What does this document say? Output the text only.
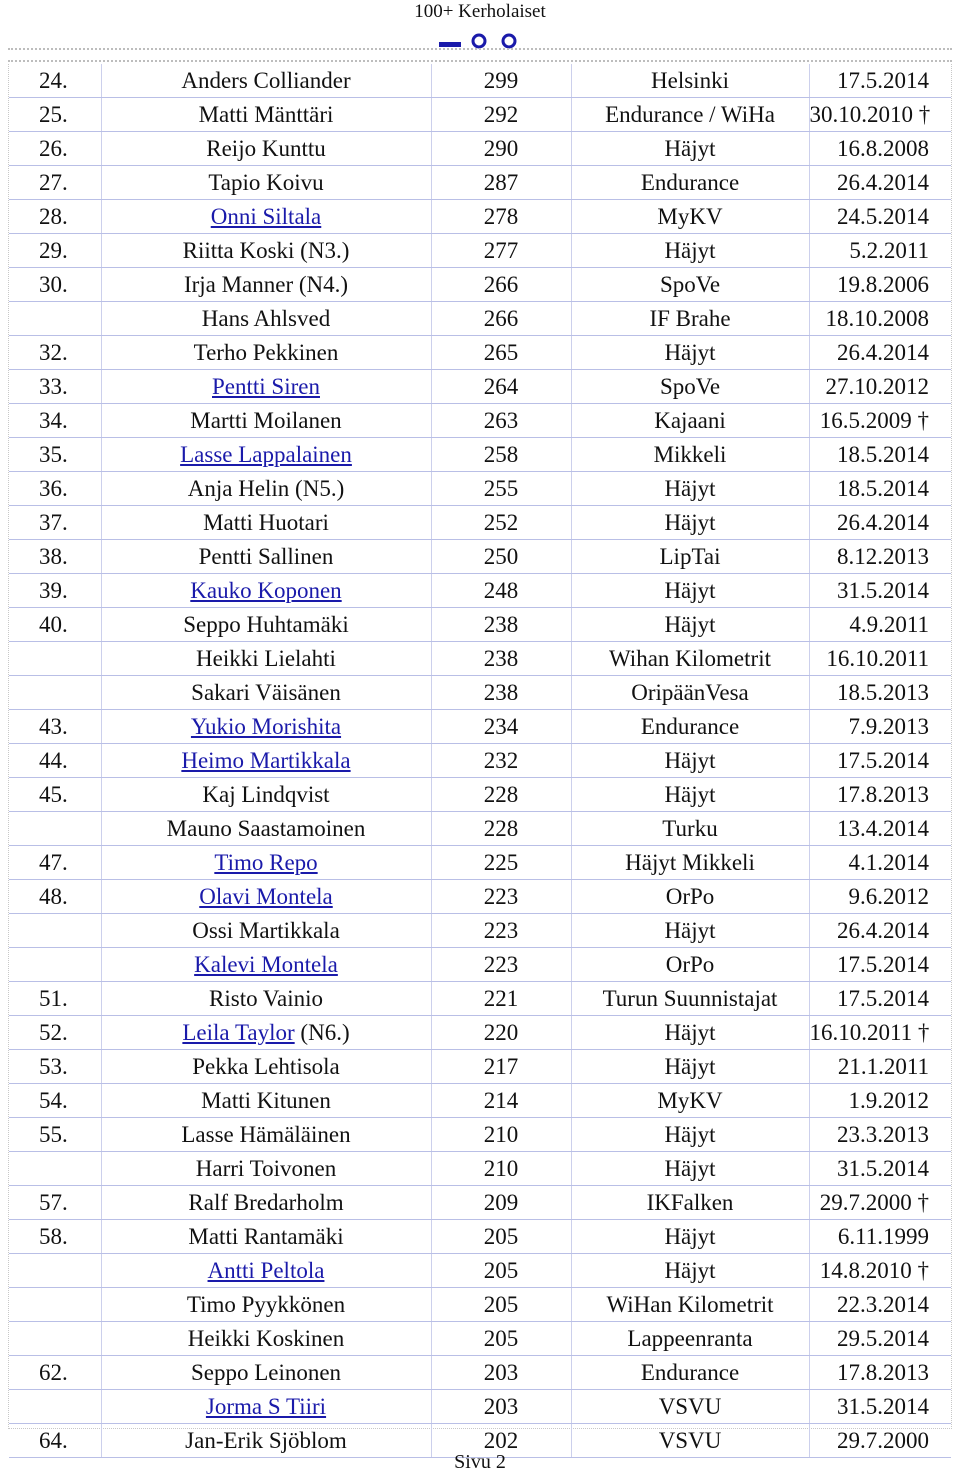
100+ Kerholaiset
24.	Anders Colliander	299	Helsinki	17.5.2014
25.	Matti Mänttäri	292	Endurance / WiHa	30.10.2010 †
26.	Reijo Kunttu	290	Häjyt	16.8.2008
27.	Tapio Koivu	287	Endurance	26.4.2014
28.	Onni Siltala	278	MyKV	24.5.2014
29.	Riitta Koski (N3.)	277	Häjyt	5.2.2011
30.	Irja Manner (N4.)	266	SpoVe	19.8.2006
	Hans Ahlsved	266	IF Brahe	18.10.2008
32.	Terho Pekkinen	265	Häjyt	26.4.2014
33.	Pentti Siren	264	SpoVe	27.10.2012
34.	Martti Moilanen	263	Kajaani	16.5.2009 †
35.	Lasse Lappalainen	258	Mikkeli	18.5.2014
36.	Anja Helin (N5.)	255	Häjyt	18.5.2014
37.	Matti Huotari	252	Häjyt	26.4.2014
38.	Pentti Sallinen	250	LipTai	8.12.2013
39.	Kauko Koponen	248	Häjyt	31.5.2014
40.	Seppo Huhtamäki	238	Häjyt	4.9.2011
	Heikki Lielahti	238	Wihan Kilometrit	16.10.2011
	Sakari Väisänen	238	OripäänVesa	18.5.2013
43.	Yukio Morishita	234	Endurance	7.9.2013
44.	Heimo Martikkala	232	Häjyt	17.5.2014
45.	Kaj Lindqvist	228	Häjyt	17.8.2013
	Mauno Saastamoinen	228	Turku	13.4.2014
47.	Timo Repo	225	Häjyt Mikkeli	4.1.2014
48.	Olavi Montela	223	OrPo	9.6.2012
	Ossi Martikkala	223	Häjyt	26.4.2014
	Kalevi Montela	223	OrPo	17.5.2014
51.	Risto Vainio	221	Turun Suunnistajat	17.5.2014
52.	Leila Taylor (N6.)	220	Häjyt	16.10.2011 †
53.	Pekka Lehtisola	217	Häjyt	21.1.2011
54.	Matti Kitunen	214	MyKV	1.9.2012
55.	Lasse Hämäläinen	210	Häjyt	23.3.2013
	Harri Toivonen	210	Häjyt	31.5.2014
57.	Ralf Bredarholm	209	IKFalken	29.7.2000 †
58.	Matti Rantamäki	205	Häjyt	6.11.1999
	Antti Peltola	205	Häjyt	14.8.2010 †
	Timo Pyykkönen	205	WiHan Kilometrit	22.3.2014
	Heikki Koskinen	205	Lappeenranta	29.5.2014
62.	Seppo Leinonen	203	Endurance	17.8.2013
	Jorma S Tiiri	203	VSVU	31.5.2014
64.	Jan-Erik Sjöblom	202	VSVU	29.7.2000
Sivu 2
